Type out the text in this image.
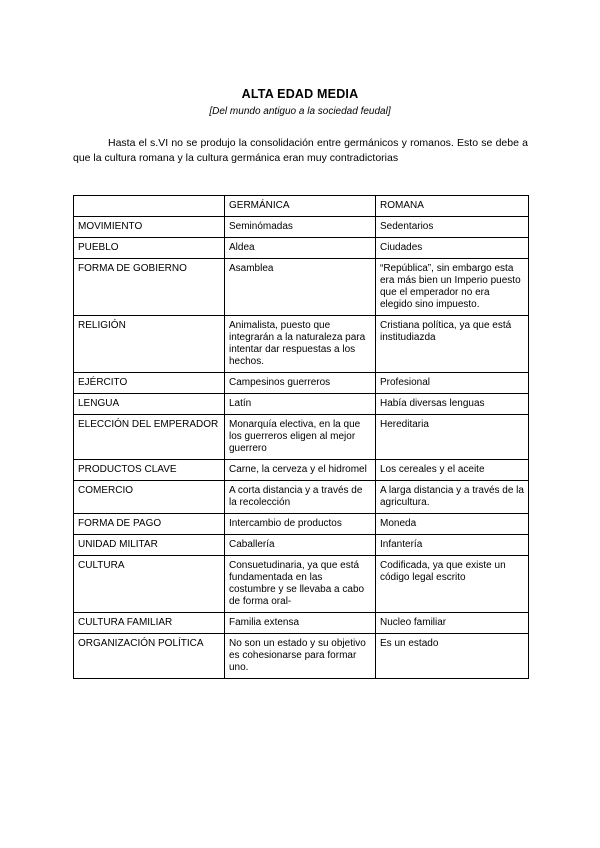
ALTA EDAD MEDIA
[Del mundo antiguo a la sociedad feudal]
Hasta el s.VI no se produjo la consolidación entre germánicos y romanos. Esto se debe a que la cultura romana y la cultura germánica eran muy contradictorias
	GERMÁNICA	ROMANA
MOVIMIENTO	Seminómadas	Sedentarios
PUEBLO	Aldea	Ciudades
FORMA DE GOBIERNO	Asamblea	“República”, sin embargo esta era más bien un Imperio puesto que el emperador no era elegido sino impuesto.
RELIGIÓN	Animalista, puesto que integrarán a la naturaleza para intentar dar respuestas a los hechos.	Cristiana política, ya que está institudiazda
EJÉRCITO	Campesinos guerreros	Profesional
LENGUA	Latín	Había diversas lenguas
ELECCIÓN DEL EMPERADOR	Monarquía electiva, en la que los guerreros eligen al mejor guerrero	Hereditaria
PRODUCTOS CLAVE	Carne, la cerveza y el hidromel	Los cereales y el aceite
COMERCIO	A corta distancia y a través de la recolección	A larga distancia y a través de la agricultura.
FORMA DE PAGO	Intercambio de productos	Moneda
UNIDAD MILITAR	Caballería	Infantería
CULTURA	Consuetudinaria, ya que está fundamentada en las costumbre y se llevaba a cabo de forma oral-	Codificada, ya que existe un código legal escrito
CULTURA FAMILIAR	Familia extensa	Nucleo familiar
ORGANIZACIÓN POLÍTICA	No son un estado y su objetivo es cohesionarse para formar uno.	Es un estado
